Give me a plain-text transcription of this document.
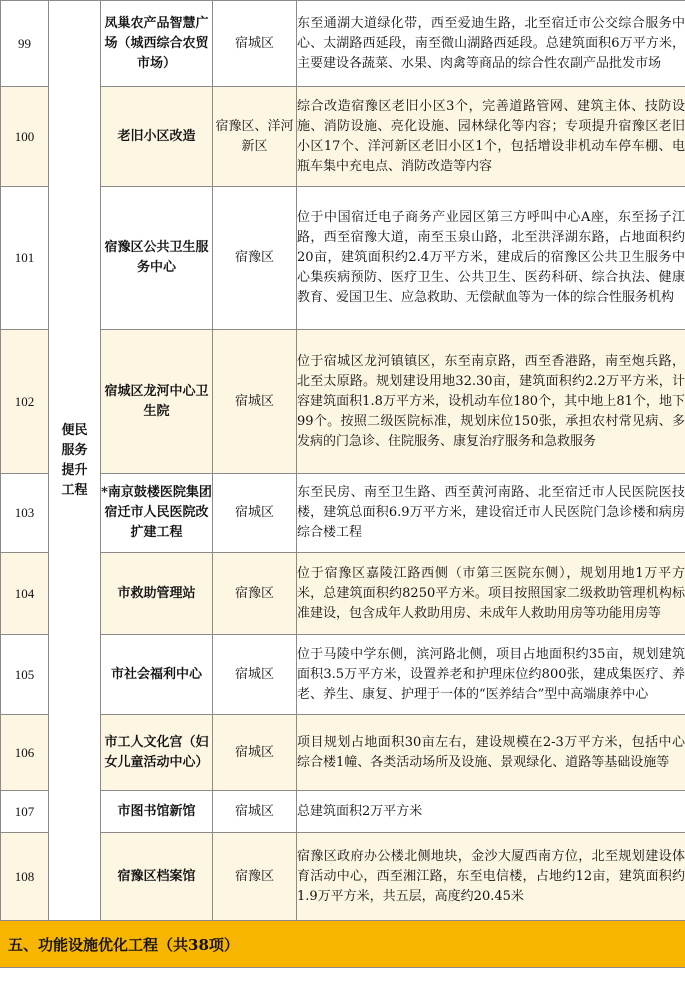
99	便民服务提升工程	凤巢农产品智慧广场（城西综合农贸市场）	宿城区	东至通湖大道绿化带，西至爱迪生路，北至宿迁市公交综合服务中心、太湖路西延段，南至微山湖路西延段。总建筑面积6万平方米，主要建设各蔬菜、水果、肉禽等商品的综合性农副产品批发市场
100		老旧小区改造	宿豫区、洋河新区	综合改造宿豫区老旧小区3个，完善道路管网、建筑主体、技防设施、消防设施、亮化设施、园林绿化等内容；专项提升宿豫区老旧小区17个、洋河新区老旧小区1个，包括增设非机动车停车棚、电瓶车集中充电点、消防改造等内容
101		宿豫区公共卫生服务中心	宿豫区	位于中国宿迁电子商务产业园区第三方呼叫中心A座，东至扬子江路，西至宿豫大道，南至玉泉山路，北至洪泽湖东路，占地面积约20亩，建筑面积约2.4万平方米，建成后的宿豫区公共卫生服务中心集疾病预防、医疗卫生、公共卫生、医药科研、综合执法、健康教育、爱国卫生、应急救助、无偿献血等为一体的综合性服务机构
102		宿城区龙河中心卫生院	宿城区	位于宿城区龙河镇镇区，东至南京路，西至香港路，南至炮兵路，北至太原路。规划建设用地32.30亩，建筑面积约2.2万平方米，计容建筑面积1.8万平方米，设机动车位180个，其中地上81个，地下99个。按照二级医院标准，规划床位150张，承担农村常见病、多发病的门急诊、住院服务、康复治疗服务和急救服务
103		*南京鼓楼医院集团宿迁市人民医院改扩建工程	宿城区	东至民房、南至卫生路、西至黄河南路、北至宿迁市人民医院医技楼，建筑总面积6.9万平方米，建设宿迁市人民医院门急诊楼和病房综合楼工程
104		市救助管理站	宿豫区	位于宿豫区嘉陵江路西侧（市第三医院东侧），规划用地1万平方米，总建筑面积约8250平方米。项目按照国家二级救助管理机构标准建设，包含成年人救助用房、未成年人救助用房等功能用房等
105		市社会福利中心	宿城区	位于马陵中学东侧，滨河路北侧，项目占地面积约35亩，规划建筑面积3.5万平方米，设置养老和护理床位约800张，建成集医疗、养老、养生、康复、护理于一体的“医养结合”型中高端康养中心
106		市工人文化宫（妇女儿童活动中心）	宿城区	项目规划占地面积30亩左右，建设规模在2-3万平方米，包括中心综合楼1幢、各类活动场所及设施、景观绿化、道路等基础设施等
107		市图书馆新馆	宿城区	总建筑面积2万平方米
108		宿豫区档案馆	宿豫区	宿豫区政府办公楼北侧地块，金沙大厦西南方位，北至规划建设体育活动中心，西至湘江路，东至电信楼，占地约12亩，建筑面积约1.9万平方米，共五层，高度约20.45米
五、功能设施优化工程（共38项）
